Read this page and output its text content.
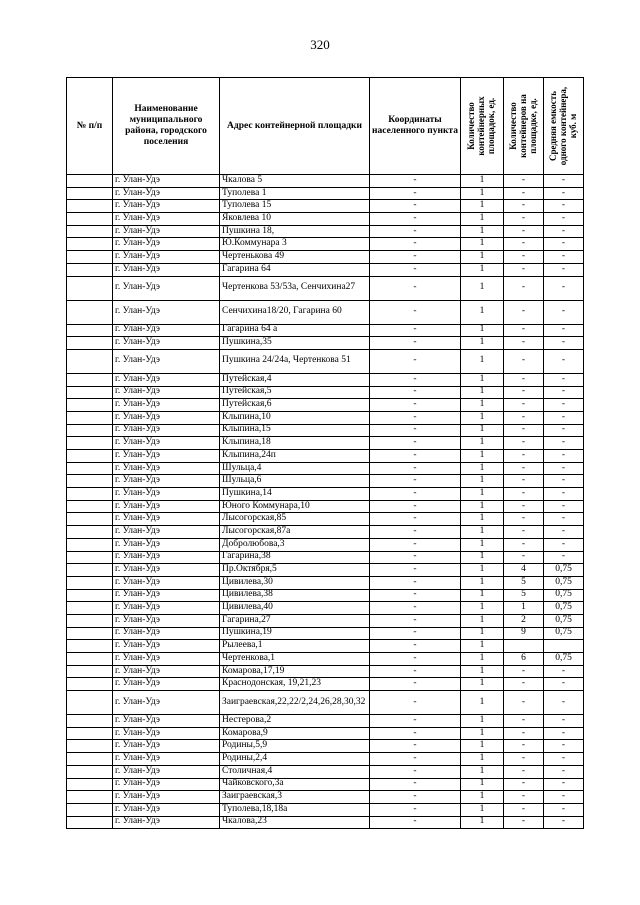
320
№ п/п	Наименование муниципального района, городского поселения	Адрес контейнерной площадки	Координаты населенного пункта	Количество контейнерных площадок, ед.	Количество контейнеров на площадке, ед.	Средняя емкость одного контейнера, куб. м

	г. Улан-Удэ	Чкалова 5	-	1	-	-
	г. Улан-Удэ	Туполева 1	-	1	-	-
	г. Улан-Удэ	Туполева 15	-	1	-	-
	г. Улан-Удэ	Яковлева 10	-	1	-	-
	г. Улан-Удэ	Пушкина 18,	-	1	-	-
	г. Улан-Удэ	Ю.Коммунара 3	-	1	-	-
	г. Улан-Удэ	Чертенькова 49	-	1	-	-
	г. Улан-Удэ	Гагарина 64	-	1	-	-
	г. Улан-Удэ	Чертенкова 53/53а, Сенчихина27	-	1	-	-
	г. Улан-Удэ	Сенчихина18/20, Гагарина 60	-	1	-	-
	г. Улан-Удэ	Гагарина 64 а	-	1	-	-
	г. Улан-Удэ	Пушкина,35	-	1	-	-
	г. Улан-Удэ	Пушкина 24/24а, Чертенкова 51	-	1	-	-
	г. Улан-Удэ	Путейская,4	-	1	-	-
	г. Улан-Удэ	Путейская,5	-	1	-	-
	г. Улан-Удэ	Путейская,6	-	1	-	-
	г. Улан-Удэ	Клыпина,10	-	1	-	-
	г. Улан-Удэ	Клыпина,15	-	1	-	-
	г. Улан-Удэ	Клыпина,18	-	1	-	-
	г. Улан-Удэ	Клыпина,24п	-	1	-	-
	г. Улан-Удэ	Шульца,4	-	1	-	-
	г. Улан-Удэ	Шульца,6	-	1	-	-
	г. Улан-Удэ	Пушкина,14	-	1	-	-
	г. Улан-Удэ	Юного Коммунара,10	-	1	-	-
	г. Улан-Удэ	Лысогорская,85	-	1	-	-
	г. Улан-Удэ	Лысогорская,87а	-	1	-	-
	г. Улан-Удэ	Добролюбова,3	-	1	-	-
	г. Улан-Удэ	Гагарина,38	-	1	-	-
	г. Улан-Удэ	Пр.Октября,5	-	1	4	0,75
	г. Улан-Удэ	Цивилева,30	-	1	5	0,75
	г. Улан-Удэ	Цивилева,38	-	1	5	0,75
	г. Улан-Удэ	Цивилева,40	-	1	1	0,75
	г. Улан-Удэ	Гагарина,27	-	1	2	0,75
	г. Улан-Удэ	Пушкина,19	-	1	9	0,75
	г. Улан-Удэ	Рылеева,1	-	1		
	г. Улан-Удэ	Чертенкова,1	-	1	6	0,75
	г. Улан-Удэ	Комарова,17,19	-	1	-	-
	г. Улан-Удэ	Краснодонская, 19,21,23	-	1	-	-
	г. Улан-Удэ	Заиграевская,22,22/2,24,26,28,30,32	-	1	-	-
	г. Улан-Удэ	Нестерова,2	-	1	-	-
	г. Улан-Удэ	Комарова,9	-	1	-	-
	г. Улан-Удэ	Родины,5,9	-	1	-	-
	г. Улан-Удэ	Родины,2,4	-	1	-	-
	г. Улан-Удэ	Столичная,4	-	1	-	-
	г. Улан-Удэ	Чайковского,3а	-	1	-	-
	г. Улан-Удэ	Заиграевская,3	-	1	-	-
	г. Улан-Удэ	Туполева,18,18а	-	1	-	-
	г. Улан-Удэ	Чкалова,23	-	1	-	-
